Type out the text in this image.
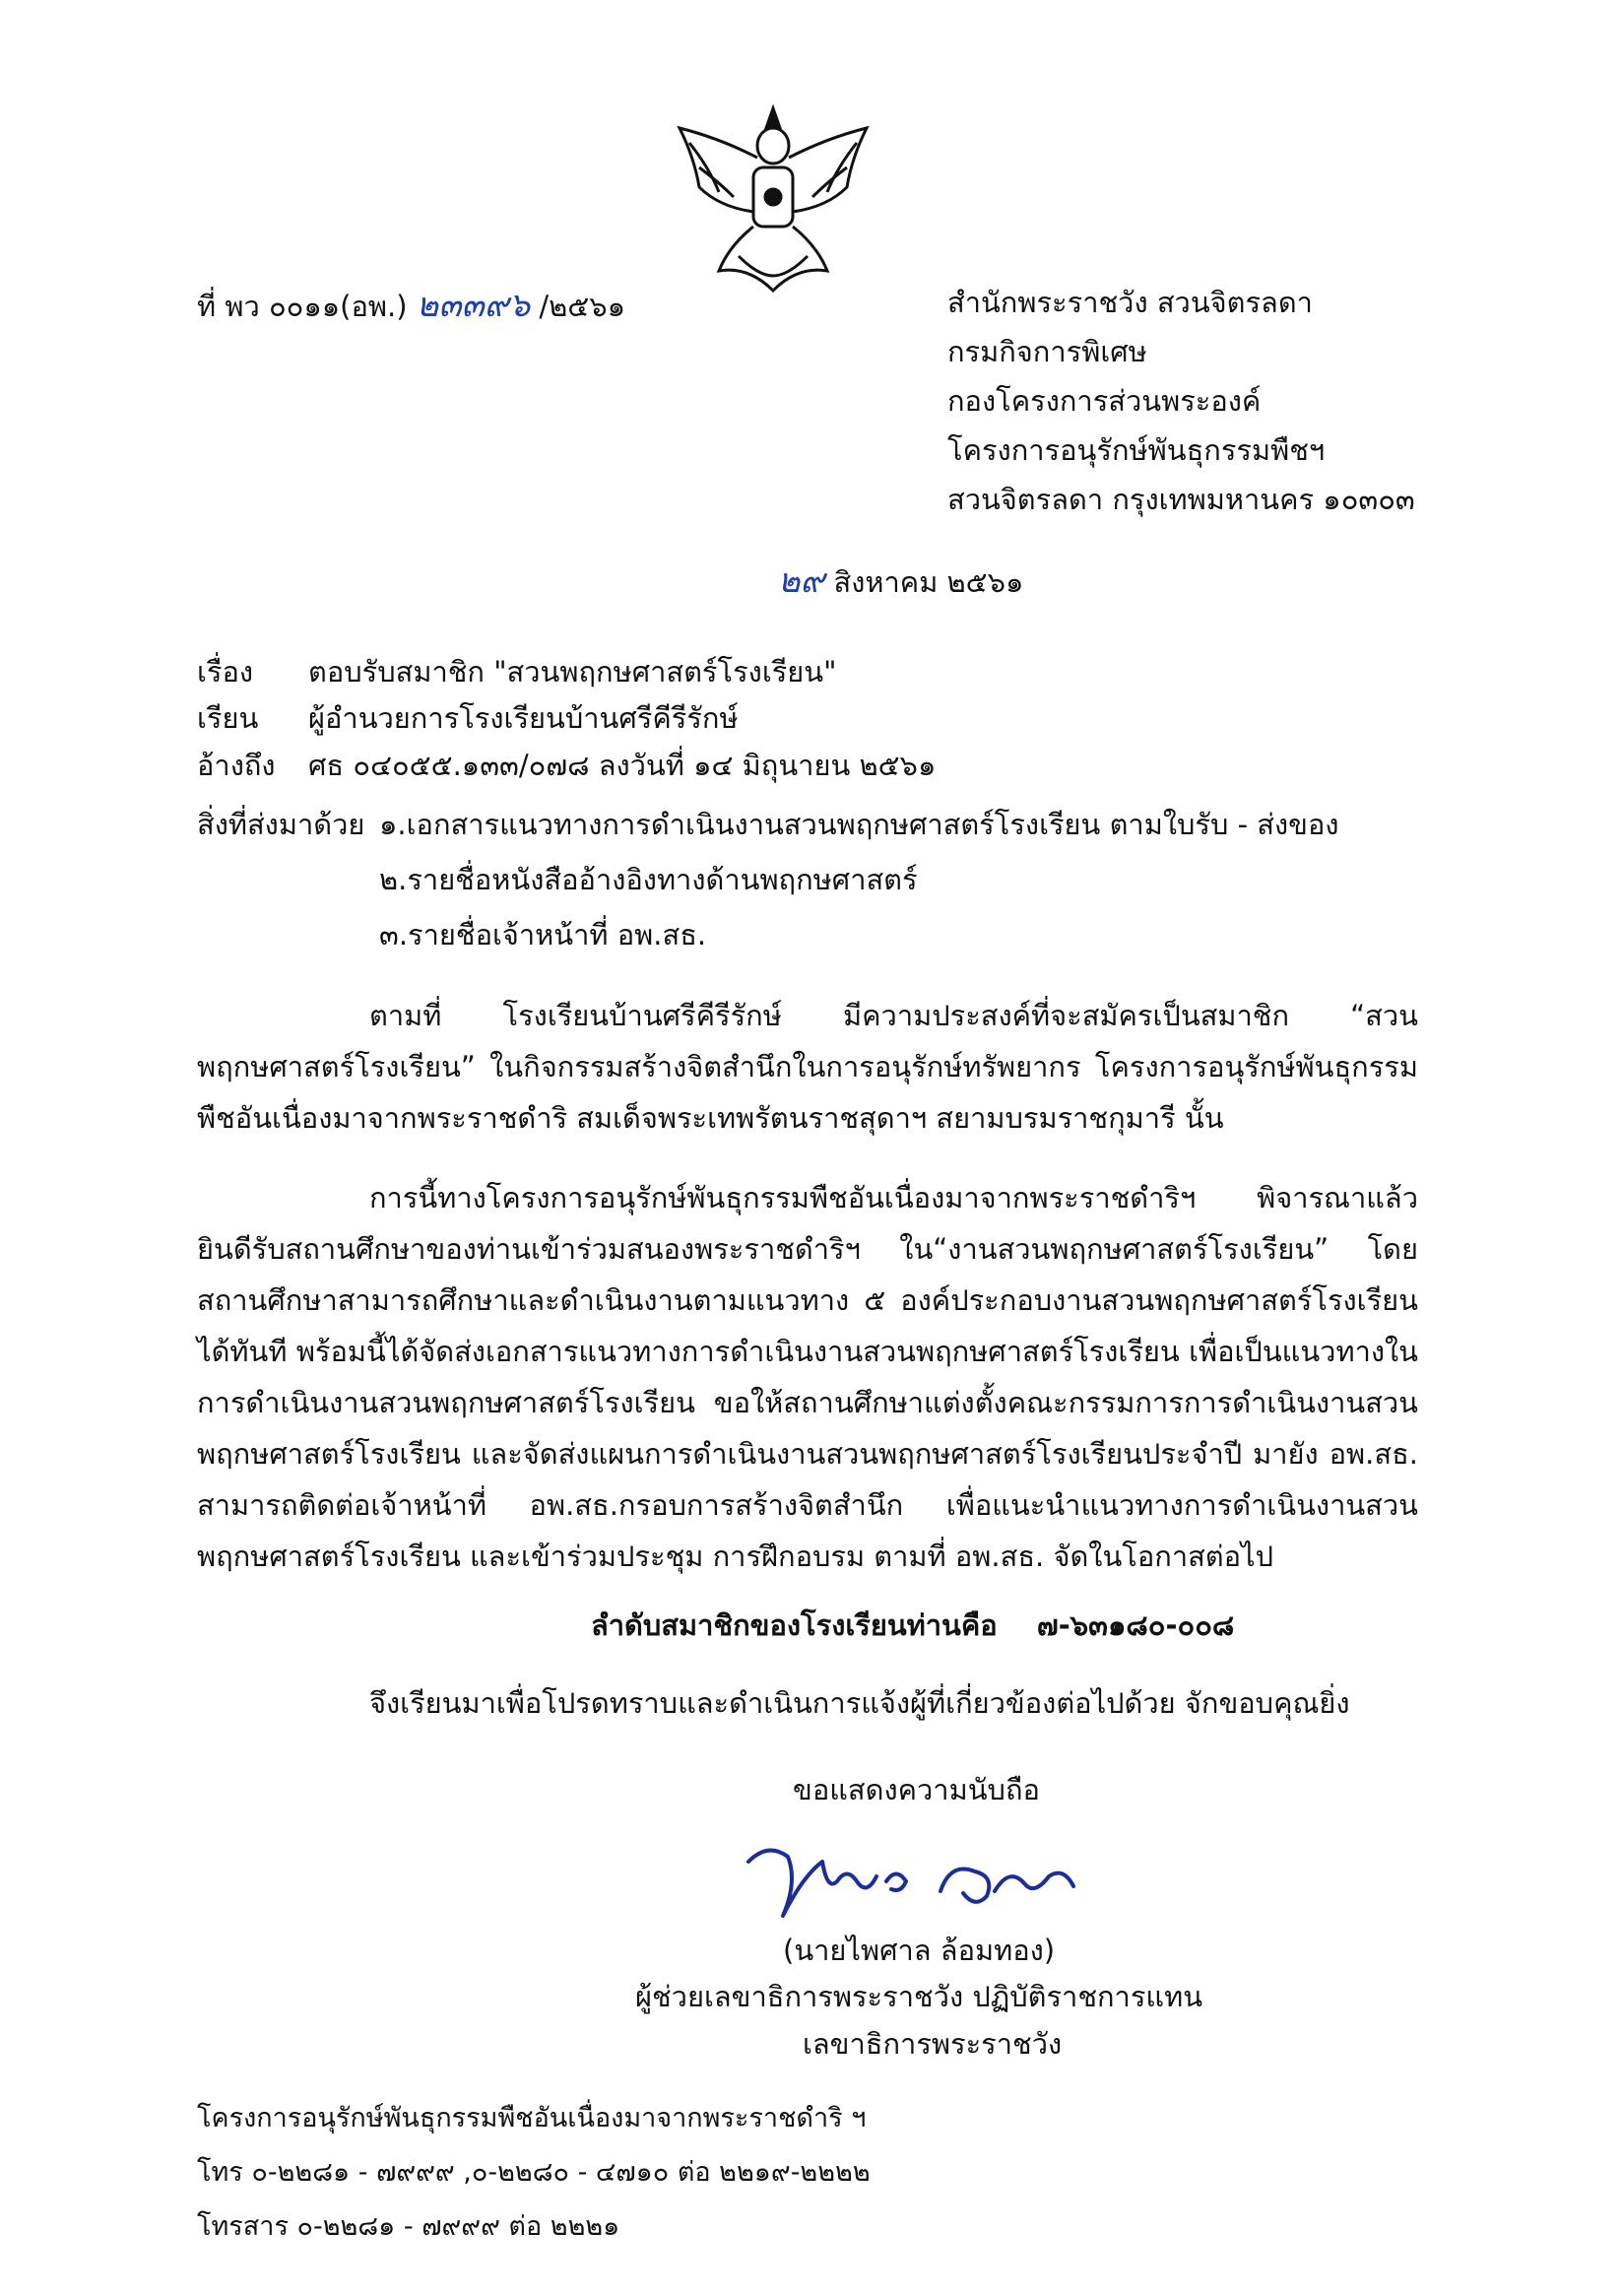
ที่ พว ๐๐๑๑(อพ.) ๒๓๓๙๖ /๒๕๖๑	สำนักพระราชวัง สวนจิตรลดา
กรมกิจการพิเศษ
กองโครงการส่วนพระองค์
โครงการอนุรักษ์พันธุกรรมพืชฯ
สวนจิตรลดา กรุงเทพมหานคร ๑๐๓๐๓
๒๙ สิงหาคม ๒๕๖๑
เรื่อง ตอบรับสมาชิก "สวนพฤกษศาสตร์โรงเรียน"
เรียน ผู้อำนวยการโรงเรียนบ้านศรีคีรีรักษ์
อ้างถึง ศธ ๐๔๐๕๕.๑๓๓/๐๗๘ ลงวันที่ ๑๔ มิถุนายน ๒๕๖๑
สิ่งที่ส่งมาด้วย ๑.เอกสารแนวทางการดำเนินงานสวนพฤกษศาสตร์โรงเรียน ตามใบรับ - ส่งของ
๒.รายชื่อหนังสืออ้างอิงทางด้านพฤกษศาสตร์
๓.รายชื่อเจ้าหน้าที่ อพ.สธ.
ตามที่ โรงเรียนบ้านศรีคีรีรักษ์ มีความประสงค์ที่จะสมัครเป็นสมาชิก “สวนพฤกษศาสตร์โรงเรียน” ในกิจกรรมสร้างจิตสำนึกในการอนุรักษ์ทรัพยากร โครงการอนุรักษ์พันธุกรรมพืชอันเนื่องมาจากพระราชดำริ สมเด็จพระเทพรัตนราชสุดาฯ สยามบรมราชกุมารี นั้น
การนี้ทางโครงการอนุรักษ์พันธุกรรมพืชอันเนื่องมาจากพระราชดำริฯ พิจารณาแล้ว ยินดีรับสถานศึกษาของท่านเข้าร่วมสนองพระราชดำริฯ ใน“งานสวนพฤกษศาสตร์โรงเรียน” โดยสถานศึกษาสามารถศึกษาและดำเนินงานตามแนวทาง ๕ องค์ประกอบงานสวนพฤกษศาสตร์โรงเรียนได้ทันที พร้อมนี้ได้จัดส่งเอกสารแนวทางการดำเนินงานสวนพฤกษศาสตร์โรงเรียน เพื่อเป็นแนวทางในการดำเนินงานสวนพฤกษศาสตร์โรงเรียน ขอให้สถานศึกษาแต่งตั้งคณะกรรมการการดำเนินงานสวนพฤกษศาสตร์โรงเรียน และจัดส่งแผนการดำเนินงานสวนพฤกษศาสตร์โรงเรียนประจำปี มายัง อพ.สธ. สามารถติดต่อเจ้าหน้าที่ อพ.สธ.กรอบการสร้างจิตสำนึก เพื่อแนะนำแนวทางการดำเนินงานสวนพฤกษศาสตร์โรงเรียน และเข้าร่วมประชุม การฝึกอบรม ตามที่ อพ.สธ. จัดในโอกาสต่อไป
ลำดับสมาชิกของโรงเรียนท่านคือ ๗-๖๓๑๘๐-๐๐๘
จึงเรียนมาเพื่อโปรดทราบและดำเนินการแจ้งผู้ที่เกี่ยวข้องต่อไปด้วย จักขอบคุณยิ่ง
ขอแสดงความนับถือ
(นายไพศาล ล้อมทอง)
ผู้ช่วยเลขาธิการพระราชวัง ปฏิบัติราชการแทน
เลขาธิการพระราชวัง
โครงการอนุรักษ์พันธุกรรมพืชอันเนื่องมาจากพระราชดำริ ฯ
โทร ๐-๒๒๘๑ - ๗๙๙๙ ,๐-๒๒๘๐ - ๔๗๑๐ ต่อ ๒๒๑๙-๒๒๒๒
โทรสาร ๐-๒๒๘๑ - ๗๙๙๙ ต่อ ๒๒๒๑
